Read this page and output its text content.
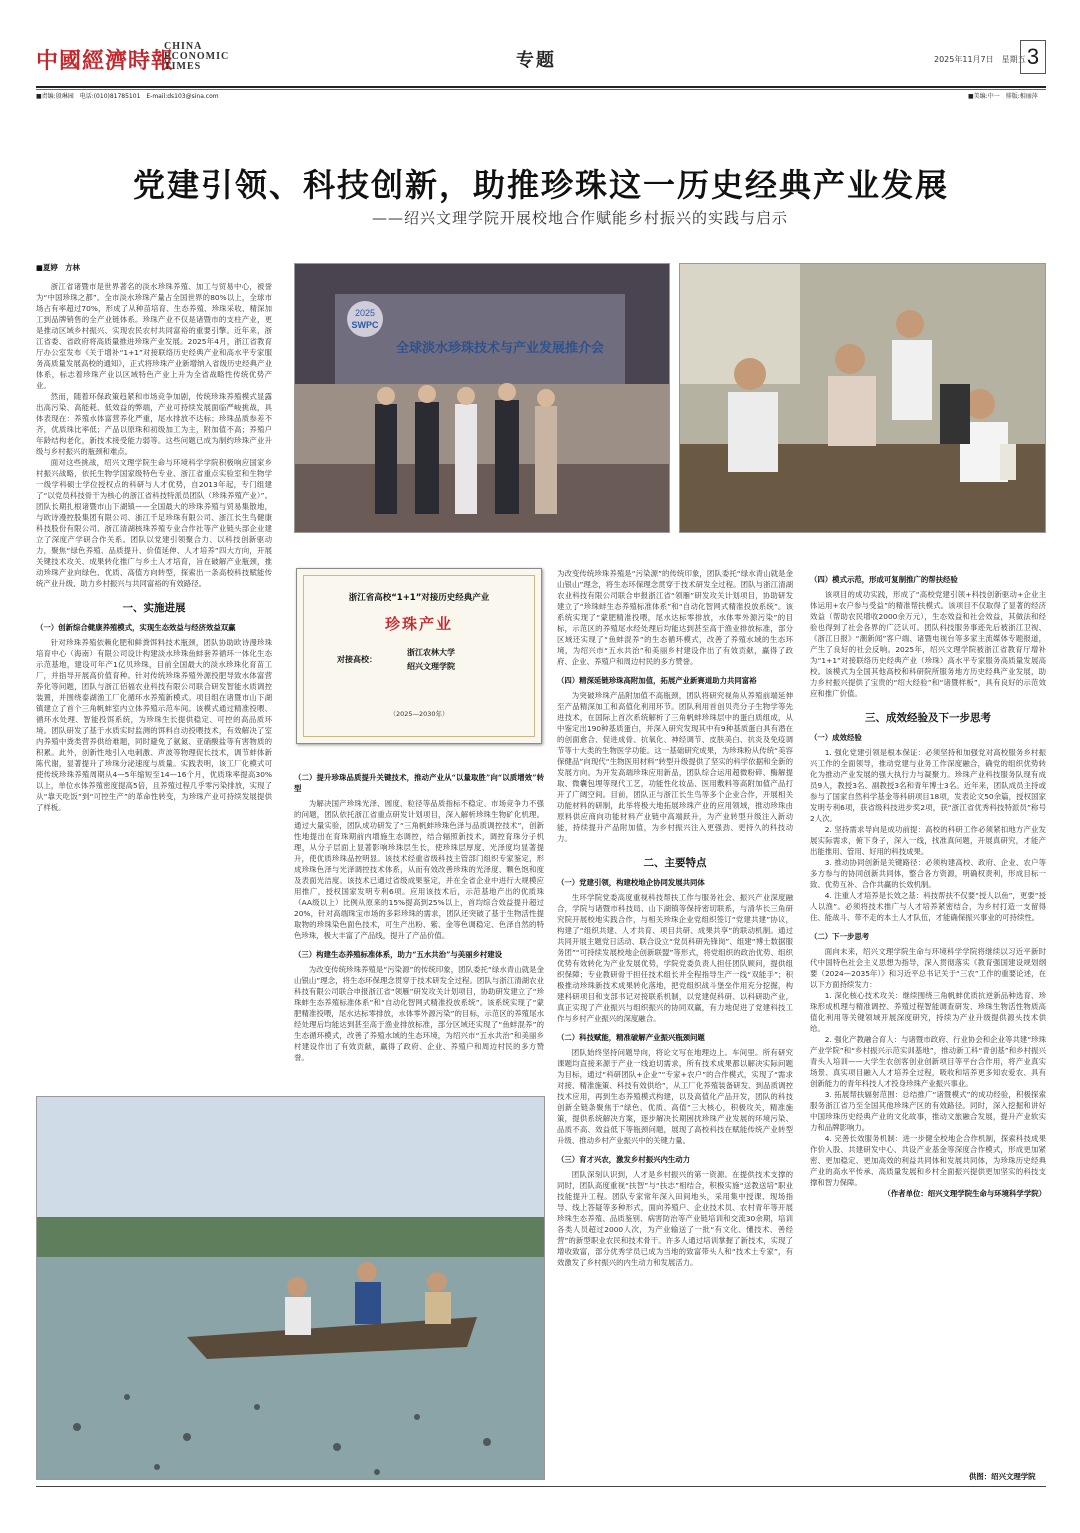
中國經濟時報
CHINA
ECONOMIC
TIMES	专题	2025年11月7日　星期五 3
■责编:殷琳园　电话:(010)81785101　E-mail:ds103@sina.com	■美编:中一　排版:相丽萍
党建引领、科技创新，助推珍珠这一历史经典产业发展
——绍兴文理学院开展校地合作赋能乡村振兴的实践与启示

■夏婷　方林

浙江省诸暨市是世界著名的淡水珍珠养殖、加工与贸易中心，被誉为“中国珍珠之都”。全市淡水珍珠产量占全国世界的80%以上，全球市场占有率超过70%，形成了从种苗培育、生态养殖、珍珠采收、精深加工到品牌销售的全产业链体系。珍珠产业不仅是诸暨市的支柱产业，更是推动区域乡村振兴、实现农民农村共同富裕的重要引擎。近年来，浙江省委、省政府将高质量推进珍珠产业发展。2025年4月，浙江省教育厅办公室发布《关于增补“1+1”对接联络历史经典产业和高水平专家服务高质量发展高校的通知》，正式将珍珠产业新增纳入省级历史经典产业体系，标志着珍珠产业以区域特色产业上升为全省战略性传统优势产业。

然而，随着环保政策趋紧和市场竞争加剧，传统珍珠养殖模式显露出高污染、高能耗、低效益的弊端，产业可持续发展面临严峻挑战，具体表现在：养殖水体富营养化严重，尾水排放不达标；珍珠品质参差不齐，优质珠比率低；产品以原珠和初级加工为主，附加值不高；养殖户年龄结构老化，新技术接受能力弱等。这些问题已成为制约珍珠产业升级与乡村振兴的瓶颈和难点。

面对这些挑战，绍兴文理学院生命与环境科学学院积极响应国家乡村振兴战略，依托生物学国家级特色专业、浙江省重点实验室和生物学一级学科硕士学位授权点的科研与人才优势，自2013年起，专门组建了“以党员科技骨干为核心的浙江省科技特派员团队（珍珠养殖产业）”。团队长期扎根诸暨市山下湖镇——全国最大的珍珠养殖与贸易集散地，与欧诗漫控股集团有限公司、浙江千足珍珠有限公司、浙江长生鸟健康科技股份有限公司、浙江清湖核珠养殖专业合作社等产业链头部企业建立了深度产学研合作关系。团队以党建引领聚合力、以科技创新驱动力，聚焦“绿色养殖、品质提升、价值延伸、人才培养”四大方向，开展关键技术攻关、成果转化推广与乡土人才培育，旨在破解产业瓶颈，推动珍珠产业向绿色、优质、高值方向转型，探索出一条高校科技赋能传统产业升级、助力乡村振兴与共同富裕的有效路径。

一、实施进展
（一）创新综合健康养殖模式，实现生态效益与经济效益双赢

针对珍珠养殖依赖化肥和鲜粪饵料技术瓶颈，团队协助欧诗漫珍珠培育中心（海南）有限公司设计构建淡水珍珠鱼蚌套养循环一体化生态示范基地，建设可年产1亿贝珍珠，目前全国最大的淡水珍珠化育苗工厂，并指导开展高价值育种。针对传统珍珠养殖外源投肥导致水体富营养化等问题，团队与浙江佰福农业科技有限公司联合研发智能水质调控装置，并围绕泰湖渔工厂化循环水养殖新模式。项目组在诸暨市山下湖镇建立了首个三角帆蚌室内立体养殖示范车间。该模式通过精准投喂、循环水处理、智能投饵系统，为珍珠生长提供稳定、可控的高品质环境。团队研发了基于水质实时监测的饵料自动投喂技术，有效解决了室内养殖中粪类营养供给难题，同时避免了氨氮、亚硝酸盐等有害物质的积累。此外，创新性地引入电刺激、声波等物理促长技术，调节蚌体新陈代谢，显著提升了珍珠分泌速度与质量。实践表明，该工厂化模式可使传统珍珠养殖周期从4—5年缩短至14—16个月，优质珠率提高30%以上，单位水体养殖密度提高5倍，且养殖过程几乎零污染排放，实现了从“靠天吃饭”到“可控生产”的革命性转变，为珍珠产业可持续发展提供了样板。

2025
SWPC
全球淡水珍珠技术与产业发展推介会
浙江省高校“1+1”对接历史经典产业
珍珠产业
对接高校：
浙江农林大学
绍兴文理学院
（2025—2030年）
（二）提升珍珠品质提升关键技术，推动产业从“以量取胜”向“以质增效”转型

为解决国产珍珠光泽、圆度、粒径等品质指标不稳定、市场竞争力不强的问题，团队依托浙江省重点研发计划项目，深入解析珍珠生物矿化机理。通过大量实验，团队成功研发了“三角帆蚌珍珠色泽与品质调控技术”，创新性地提出在育珠期前内增施生态调控，结合辐照新技术，调控育珠分子机理，从分子层面上显著影响珍珠层生长，使珍珠层厚度、光泽度均显著提升，使优质珍珠品控明显。该技术经重省级科技主管部门组织专家鉴定，形成珍珠色泽与光泽调控技术体系，从而有效改善珍珠的光泽度、颗色饱和度及表面光洁度。该技术已通过省级成果鉴定，并在全省企业中进行大规模应用推广，授权国家发明专利6项。应用该技术后，示范基地产出的优质珠（AA级以上）比例从原来的15%提高到25%以上，首均综合效益提升超过20%，针对高端珠宝市场的多彩珍珠的需求，团队还突破了基于生物活性提取物的珍珠染色面色技术，可生产出粉、紫、金等色调稳定、色泽自然的特色珍珠，极大丰富了产品线，提升了产品价值。

（三）构建生态养殖标准体系，助力“五水共治”与美丽乡村建设

为改变传统珍珠养殖是“污染源”的传统印象，团队委托“绿水青山就是金山银山”理念，将生态环保理念贯穿于技术研发全过程。团队与浙江清湖农业科技有限公司联合申报浙江省“领雁”研发攻关计划项目，协助研发建立了“珍珠蚌生态养殖标准体系”和“自动化智网式精准投放系统”。该系统实现了“蒙肥精准投喂，尾水达标零排放，水体零外源污染”的目标，示范区的养殖尾水经处理后均能达到甚至高于渔业排放标准，部分区域还实现了“鱼蚌混养”的生态循环模式，改善了养殖水域的生态环境，为绍兴市“五水共治”和美丽乡村建设作出了有效贡献，赢得了政府、企业、养殖户和周边村民的多方赞誉。

为改变传统珍珠养殖是“污染源”的传统印象，团队委托“绿水青山就是金山银山”理念，将生态环保理念贯穿于技术研发全过程。团队与浙江清湖农业科技有限公司联合申报浙江省“领雁”研发攻关计划项目，协助研发建立了“珍珠蚌生态养殖标准体系”和“自动化智网式精准投放系统”。该系统实现了“蒙肥精准投喂，尾水达标零排放，水体零外源污染”的目标，示范区的养殖尾水经处理后均能达到甚至高于渔业排放标准，部分区域还实现了“鱼蚌混养”的生态循环模式，改善了养殖水域的生态环境，为绍兴市“五水共治”和美丽乡村建设作出了有效贡献，赢得了政府、企业、养殖户和周边村民的多方赞誉。

（四）精深延链珍珠高附加值，拓展产业新赛道助力共同富裕

为突破珍珠产品附加值不高瓶颈，团队将研究视角从养殖前端延伸至产品精深加工和高值化利用环节。团队利用首创贝壳分子生物学等先进技术，在国际上首次系统解析了三角帆蚌珍珠层中的蛋白质组成，从中鉴定出190种基质蛋白，并深入研究发现其中有9种基质蛋白具有潜在的创面愈合、促进成骨、抗氧化、神经调节、皮肤美白、抗炎及免疫调节等十大类的生物医学功能。这一基础研究成果，为珍珠粉从传统“美容保健品”向现代“生物医用材料”转型升级提供了坚实的科学依据和全新的发展方向。为开发高端珍珠应用新品，团队综合运用超微粉碎、酶解提取、微囊包埋等现代工艺，功能性化妆品、医用敷料等高附加值产品打开了广阔空间。目前，团队正与浙江长生鸟等多个企业合作，开展相关功能材料的研制，此举将极大地拓展珍珠产业的应用领域，推动珍珠由原料供应商向功能材料产业链中高端跃升，为产业转型升级注入新动能，持续提升产品附加值，为乡村振兴注入更强劲、更持久的科技动力。

二、主要特点
（一）党建引领，构建校地企协同发展共同体

生环学院党委高度重视科技帮扶工作与服务社会、振兴产业深度融合，学院与诸暨市科技局、山下湖镇等保持密切联系，与清华长三角研究院开展校地实践合作，与相关珍珠企业党组织签订“党建共建”协议，构建了“组织共建、人才共育、项目共研、成果共享”的联动机制。通过共同开展主题党日活动、联合设立“党员科研先锋岗”、组建“博士数据服务团”“可持续发展校地企创新联盟”等形式，将党组织的政治优势、组织优势有效转化为产业发展优势，学院党委负责人担任团队顾问，提供组织保障；专业教研骨干担任技术组长并全程指导生产一线“双能手”；积极推动珍珠新技术成果转化落地，把党组织战斗堡垒作用充分挖掘，构建科研项目和支部书记对接联系机制，以党建促科研、以科研助产业，真正实现了产业振兴与组织振兴的协同双赢，有力地促进了党建科技工作与乡村产业振兴的深度融合。

（二）科技赋能，精准破解产业振兴瓶颈问题

团队始终坚持问题导向，将论文写在地理边上。车间里。所有研究课题均直接来源于产业一线迫切需求，所有技术成果都以解决实际问题为目标，通过“科研团队+企业”“专家+农户”的合作模式，实现了“需求对接、精准施策、科技有效供给”，从工厂化养殖装备研发、到品质调控技术应用，再到生态养殖模式构建，以及高值化产品开发，团队的科技创新全链条聚焦于“绿色、优质、高值”三大核心，积极攻关，精准施策，提供系统解决方案，逐步解决长期困扰珍珠产业发展的环境污染、品质不高、效益低下等瓶颈问题，展现了高校科技在赋能传统产业转型升级、推动乡村产业振兴中的关键力量。

（三）育才兴农，激发乡村振兴内生动力

团队深刻认识到，人才是乡村振兴的第一资源。在提供技术支撑的同时，团队高度重视“扶智”与“扶志”相结合，积极实施“送教送培”职业技能提升工程。团队专家常年深入田间地头，采用集中授课、现场指导、线上答疑等多种形式，面向养殖户、企业技术员、农村青年等开展珍珠生态养殖、品质鉴别、病害防治等产业链培训和交流30余期，培训各类人员超过2000人次，为产业输送了一批“有文化、懂技术、善经营”的新型职业农民和技术骨干。许多人通过培训掌握了新技术，实现了增收致富，部分优秀学员已成为当地的致富带头人和“技术土专家”，有效激发了乡村振兴的内生动力和发展活力。

（四）模式示范，形成可复制推广的帮扶经验

该项目的成功实践，形成了“高校党建引领+科技创新驱动+企业主体运用+农户参与受益”的精准帮扶模式。该项目不仅取得了显著的经济效益（帮助农民增收2000余万元），生态效益和社会效益，其做法和经验也得到了社会各界的广泛认可。团队科技服务事迹先后被浙江卫视、《浙江日报》“潮新闻”客户端、诸暨电视台等多家主流媒体专题报道，产生了良好的社会反响。2025年，绍兴文理学院被浙江省教育厅增补为“1+1”对接联络历史经典产业（珍珠）高水平专家服务高质量发展高校。该模式为全国其他高校和科研院所服务地方历史经典产业发展，助力乡村振兴提供了宝贵的“绍大经验”和“诸暨样板”，具有良好的示范效应和推广价值。

三、成效经验及下一步思考
（一）成效经验

1. 强化党建引领是根本保证：必须坚持和加强党对高校服务乡村振兴工作的全面领导，推动党建与业务工作深度融合，确党的组织优势转化为推动产业发展的强大执行力与凝聚力。珍珠产业科技服务队现有成员9人，教授3名、副教授3名和青年博士3名。近年来，团队成员主持或参与了国家自然科学基金等科研项目18项，发表论文50余篇，授权国家发明专利6项，获省级科技进步奖2项，获“浙江省优秀科技特派员”称号2人次。

2. 坚持需求导向是成功前提：高校的科研工作必须紧扣地方产业发展实际需求，俯下身子，深入一线，找准真问题，开展真研究，才能产出能推用、管用、好用的科技成果。

3. 推动协同创新是关键路径：必须构建高校、政府、企业、农户等多方参与的协同创新共同体，整合各方资源，明确权责利，形成目标一致、优势互补、合作共赢的长效机制。

4. 注重人才培养是长效之基：科技帮扶不仅要“授人以鱼”，更要“授人以渔”。必须将技术推广与人才培养紧密结合，为乡村打造一支留得住、能战斗、带不走的本土人才队伍，才能确保振兴事业的可持续性。

（二）下一步思考

面向未来，绍兴文理学院生命与环境科学学院将继续以习近平新时代中国特色社会主义思想为指导，深入贯彻落实《教育强国建设规划纲要（2024—2035年）》和习近平总书记关于“三农”工作的重要论述，在以下方面持续发力：

1. 深化核心技术攻关：继续围绕三角帆蚌优质抗逆新品种选育、珍珠形成机理与精准调控、养殖过程智能调查研发、珍珠生物活性物质高值化利用等关键领域开展深度研究，持续为产业升级提供源头技术供给。

2. 强化产教融合育人：与诸暨市政府、行业协会和企业等共建“珍珠产业学院”和“乡村振兴示范实训基地”，推动新工科“青创基”和乡村振兴青头人培训——大学生农创客创业创新项目等平台合作用，将产业真实场景、真实项目融入人才培养全过程，吸收和培养更多知农爱农、具有创新能力的青年科技人才投身珍珠产业振兴事业。

3. 拓展帮扶辐射范围：总结推广“诸暨模式”的成功经验，积极探索服务浙江省乃至全国其他珍珠产区的有效路径。同时，深入挖掘和讲好中国珍珠历史经典产业的文化故事，推动文旅融合发展，提升产业软实力和品牌影响力。

4. 完善长效服务机制：进一步健全校地企合作机制，探索科技成果作价入股、共建研发中心、共设产业基金等深度合作模式，形成更加紧密、更加稳定、更加高效的利益共同体和发展共同体，为珍珠历史经典产业的高水平传承、高质量发展和乡村全面振兴提供更加坚实的科技支撑和智力保障。

（作者单位：绍兴文理学院生命与环境科学学院）

供图：绍兴文理学院
